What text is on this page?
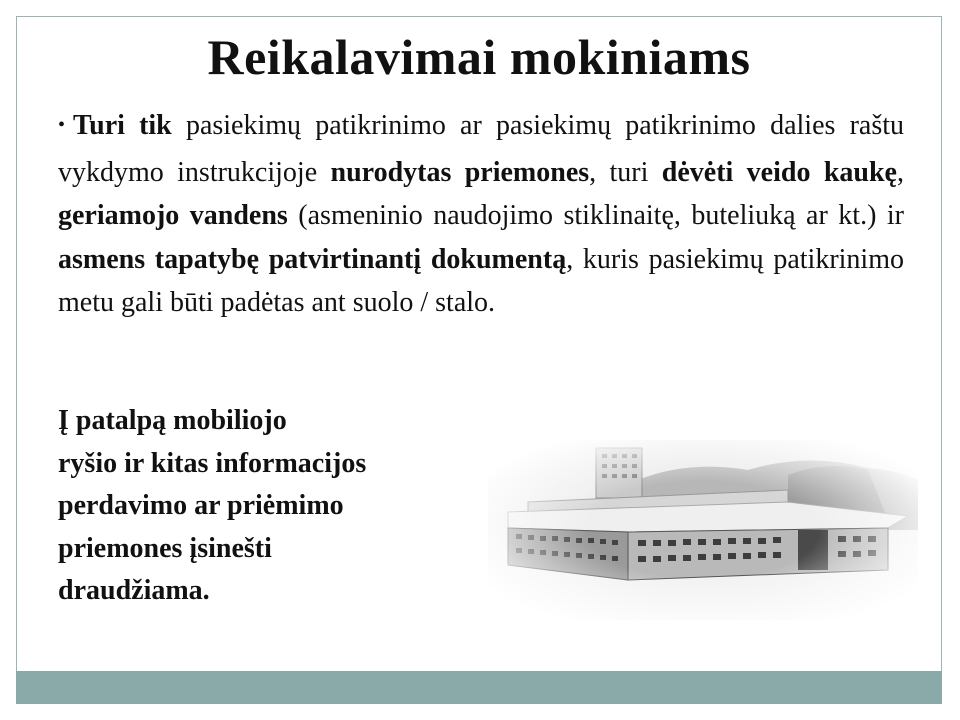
Reikalavimai mokiniams

• Turi tik pasiekimų patikrinimo ar pasiekimų patikrinimo dalies raštu vykdymo instrukcijoje nurodytas priemones, turi dėvėti veido kaukę, geriamojo vandens (asmeninio naudojimo stiklinaitę, buteliuką ar kt.) ir asmens tapatybę patvirtinantį dokumentą, kuris pasiekimų patikrinimo metu gali būti padėtas ant suolo / stalo.

Į patalpą mobiliojo
ryšio ir kitas informacijos
perdavimo ar priėmimo
priemones įsinešti
draudžiama.
